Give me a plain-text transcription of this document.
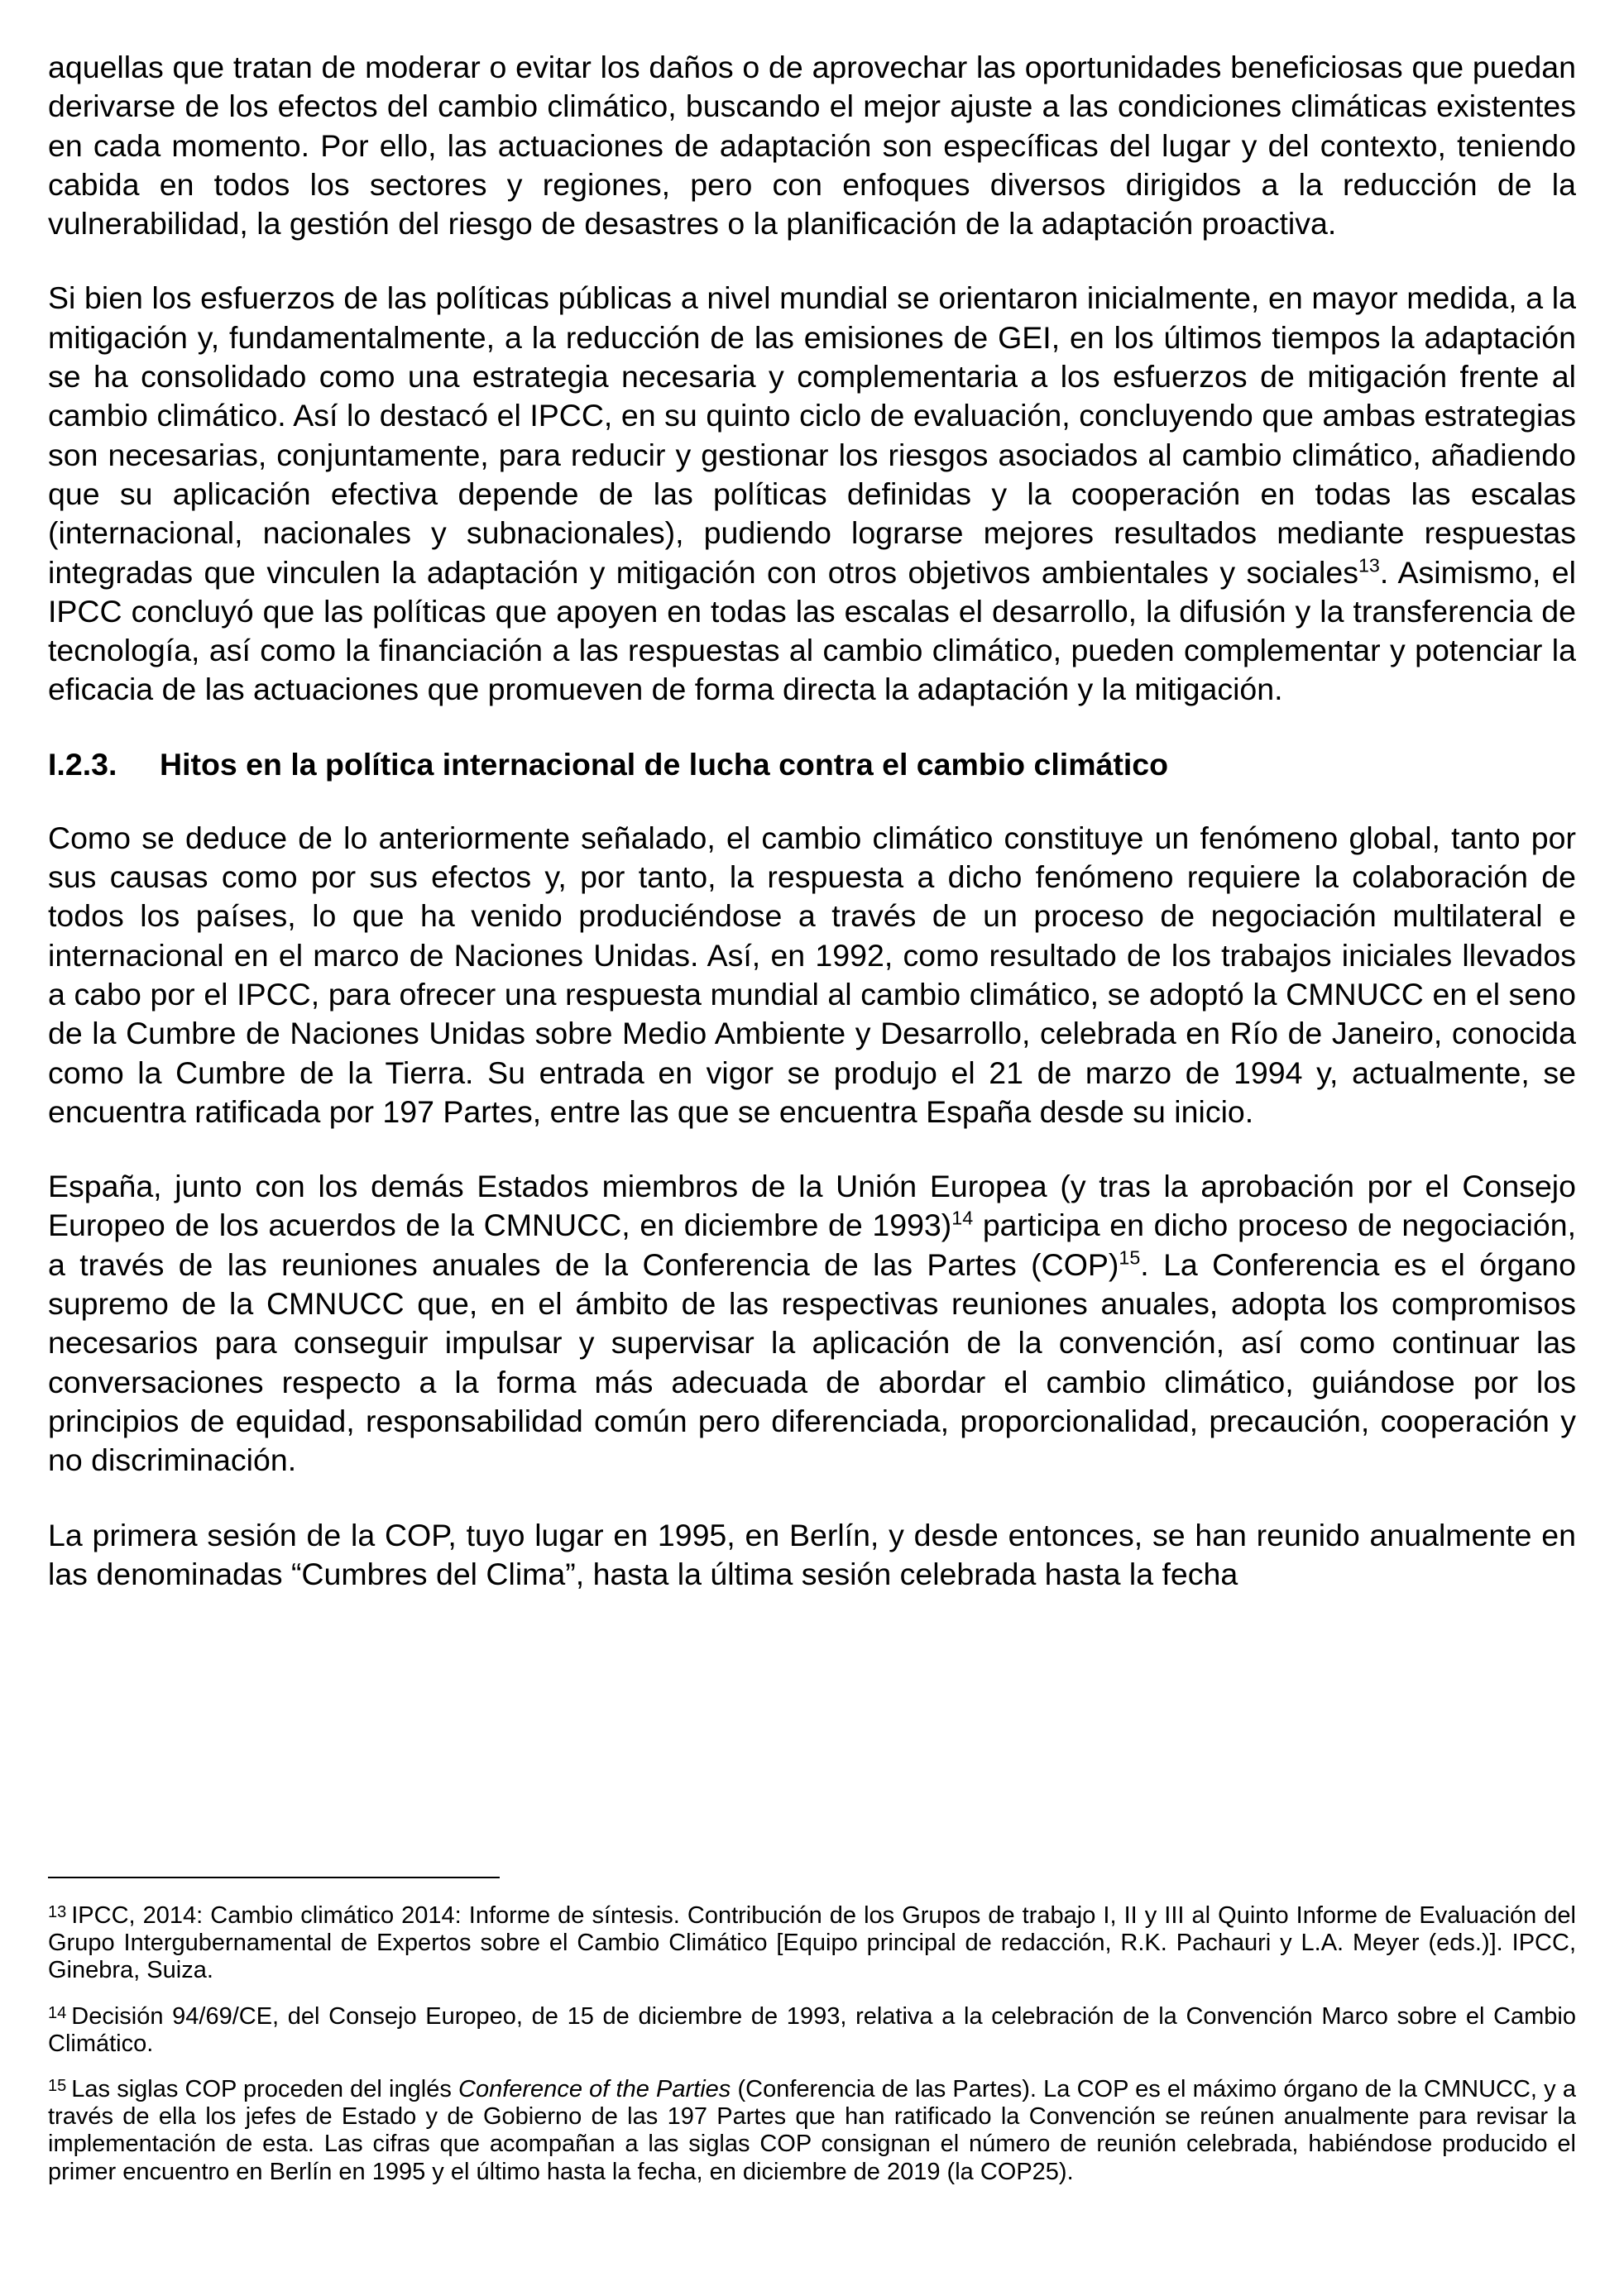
aquellas que tratan de moderar o evitar los daños o de aprovechar las oportunidades beneficiosas que puedan derivarse de los efectos del cambio climático, buscando el mejor ajuste a las condiciones climáticas existentes en cada momento. Por ello, las actuaciones de adaptación son específicas del lugar y del contexto, teniendo cabida en todos los sectores y regiones, pero con enfoques diversos dirigidos a la reducción de la vulnerabilidad, la gestión del riesgo de desastres o la planificación de la adaptación proactiva.

Si bien los esfuerzos de las políticas públicas a nivel mundial se orientaron inicialmente, en mayor medida, a la mitigación y, fundamentalmente, a la reducción de las emisiones de GEI, en los últimos tiempos la adaptación se ha consolidado como una estrategia necesaria y complementaria a los esfuerzos de mitigación frente al cambio climático. Así lo destacó el IPCC, en su quinto ciclo de evaluación, concluyendo que ambas estrategias son necesarias, conjuntamente, para reducir y gestionar los riesgos asociados al cambio climático, añadiendo que su aplicación efectiva depende de las políticas definidas y la cooperación en todas las escalas (internacional, nacionales y subnacionales), pudiendo lograrse mejores resultados mediante respuestas integradas que vinculen la adaptación y mitigación con otros objetivos ambientales y sociales$^{13}$. Asimismo, el IPCC concluyó que las políticas que apoyen en todas las escalas el desarrollo, la difusión y la transferencia de tecnología, así como la financiación a las respuestas al cambio climático, pueden complementar y potenciar la eficacia de las actuaciones que promueven de forma directa la adaptación y la mitigación.

I.2.3.	Hitos en la política internacional de lucha contra el cambio climático

Como se deduce de lo anteriormente señalado, el cambio climático constituye un fenómeno global, tanto por sus causas como por sus efectos y, por tanto, la respuesta a dicho fenómeno requiere la colaboración de todos los países, lo que ha venido produciéndose a través de un proceso de negociación multilateral e internacional en el marco de Naciones Unidas. Así, en 1992, como resultado de los trabajos iniciales llevados a cabo por el IPCC, para ofrecer una respuesta mundial al cambio climático, se adoptó la CMNUCC en el seno de la Cumbre de Naciones Unidas sobre Medio Ambiente y Desarrollo, celebrada en Río de Janeiro, conocida como la Cumbre de la Tierra. Su entrada en vigor se produjo el 21 de marzo de 1994 y, actualmente, se encuentra ratificada por 197 Partes, entre las que se encuentra España desde su inicio.

España, junto con los demás Estados miembros de la Unión Europea (y tras la aprobación por el Consejo Europeo de los acuerdos de la CMNUCC, en diciembre de 1993)$^{14}$ participa en dicho proceso de negociación, a través de las reuniones anuales de la Conferencia de las Partes (COP)$^{15}$. La Conferencia es el órgano supremo de la CMNUCC que, en el ámbito de las respectivas reuniones anuales, adopta los compromisos necesarios para conseguir impulsar y supervisar la aplicación de la convención, así como continuar las conversaciones respecto a la forma más adecuada de abordar el cambio climático, guiándose por los principios de equidad, responsabilidad común pero diferenciada, proporcionalidad, precaución, cooperación y no discriminación.

La primera sesión de la COP, tuyo lugar en 1995, en Berlín, y desde entonces, se han reunido anualmente en las denominadas “Cumbres del Clima”, hasta la última sesión celebrada hasta la fecha

$^{13}$ IPCC, 2014: Cambio climático 2014: Informe de síntesis. Contribución de los Grupos de trabajo I, II y III al Quinto Informe de Evaluación del Grupo Intergubernamental de Expertos sobre el Cambio Climático [Equipo principal de redacción, R.K. Pachauri y L.A. Meyer (eds.)]. IPCC, Ginebra, Suiza.

$^{14}$ Decisión 94/69/CE, del Consejo Europeo, de 15 de diciembre de 1993, relativa a la celebración de la Convención Marco sobre el Cambio Climático.

$^{15}$ Las siglas COP proceden del inglés Conference of the Parties (Conferencia de las Partes). La COP es el máximo órgano de la CMNUCC, y a través de ella los jefes de Estado y de Gobierno de las 197 Partes que han ratificado la Convención se reúnen anualmente para revisar la implementación de esta. Las cifras que acompañan a las siglas COP consignan el número de reunión celebrada, habiéndose producido el primer encuentro en Berlín en 1995 y el último hasta la fecha, en diciembre de 2019 (la COP25).
